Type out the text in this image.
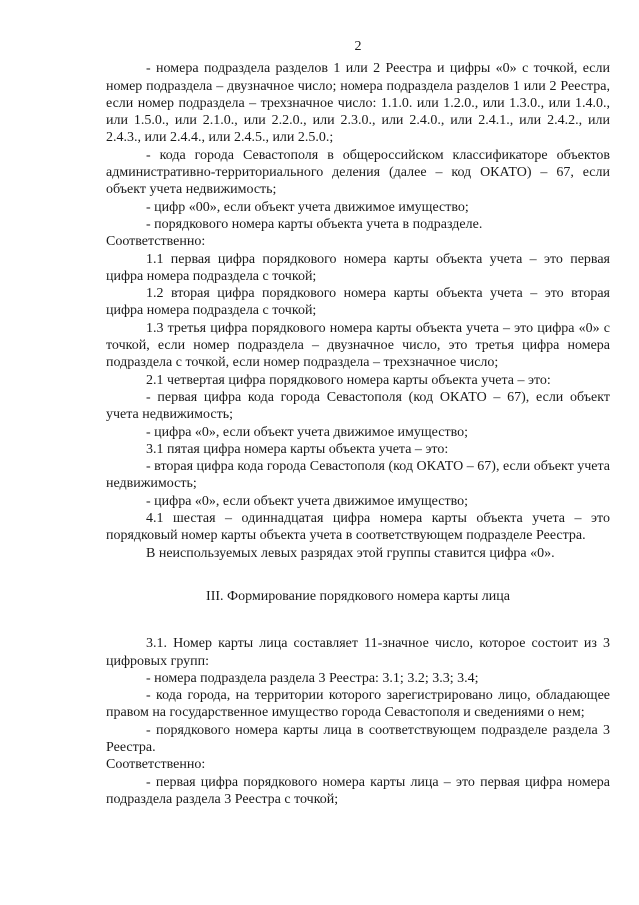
2

- номера подраздела разделов 1 или 2 Реестра и цифры «0» с точкой, если номер подраздела – двузначное число; номера подраздела разделов 1 или 2 Реестра, если номер подраздела – трехзначное число: 1.1.0. или 1.2.0., или 1.3.0., или 1.4.0., или 1.5.0., или 2.1.0., или 2.2.0., или 2.3.0., или 2.4.0., или 2.4.1., или 2.4.2., или 2.4.3., или 2.4.4., или 2.4.5., или 2.5.0.;

- кода города Севастополя в общероссийском классификаторе объектов административно-территориального деления (далее – код ОКАТО) – 67, если объект учета недвижимость;

- цифр «00», если объект учета движимое имущество;

- порядкового номера карты объекта учета в подразделе.

Соответственно:

1.1 первая цифра порядкового номера карты объекта учета – это первая цифра номера подраздела с точкой;

1.2 вторая цифра порядкового номера карты объекта учета – это вторая цифра номера подраздела с точкой;

1.3 третья цифра порядкового номера карты объекта учета – это цифра «0» с точкой, если номер подраздела – двузначное число, это третья цифра номера подраздела с точкой, если номер подраздела – трехзначное число;

2.1 четвертая цифра порядкового номера карты объекта учета – это:

- первая цифра кода города Севастополя (код ОКАТО – 67), если объект учета недвижимость;

- цифра «0», если объект учета движимое имущество;

3.1 пятая цифра номера карты объекта учета – это:

- вторая цифра кода города Севастополя (код ОКАТО – 67), если объект учета недвижимость;

- цифра «0», если объект учета движимое имущество;

4.1 шестая – одиннадцатая цифра номера карты объекта учета – это порядковый номер карты объекта учета в соответствующем подразделе Реестра.

В неиспользуемых левых разрядах этой группы ставится цифра «0».

III. Формирование порядкового номера карты лица

3.1. Номер карты лица составляет 11-значное число, которое состоит из 3 цифровых групп:

- номера подраздела раздела 3 Реестра: 3.1; 3.2; 3.3; 3.4;

- кода города, на территории которого зарегистрировано лицо, обладающее правом на государственное имущество города Севастополя и сведениями о нем;

- порядкового номера карты лица в соответствующем подразделе раздела 3 Реестра.

Соответственно:

- первая цифра порядкового номера карты лица – это первая цифра номера подраздела раздела 3 Реестра с точкой;
